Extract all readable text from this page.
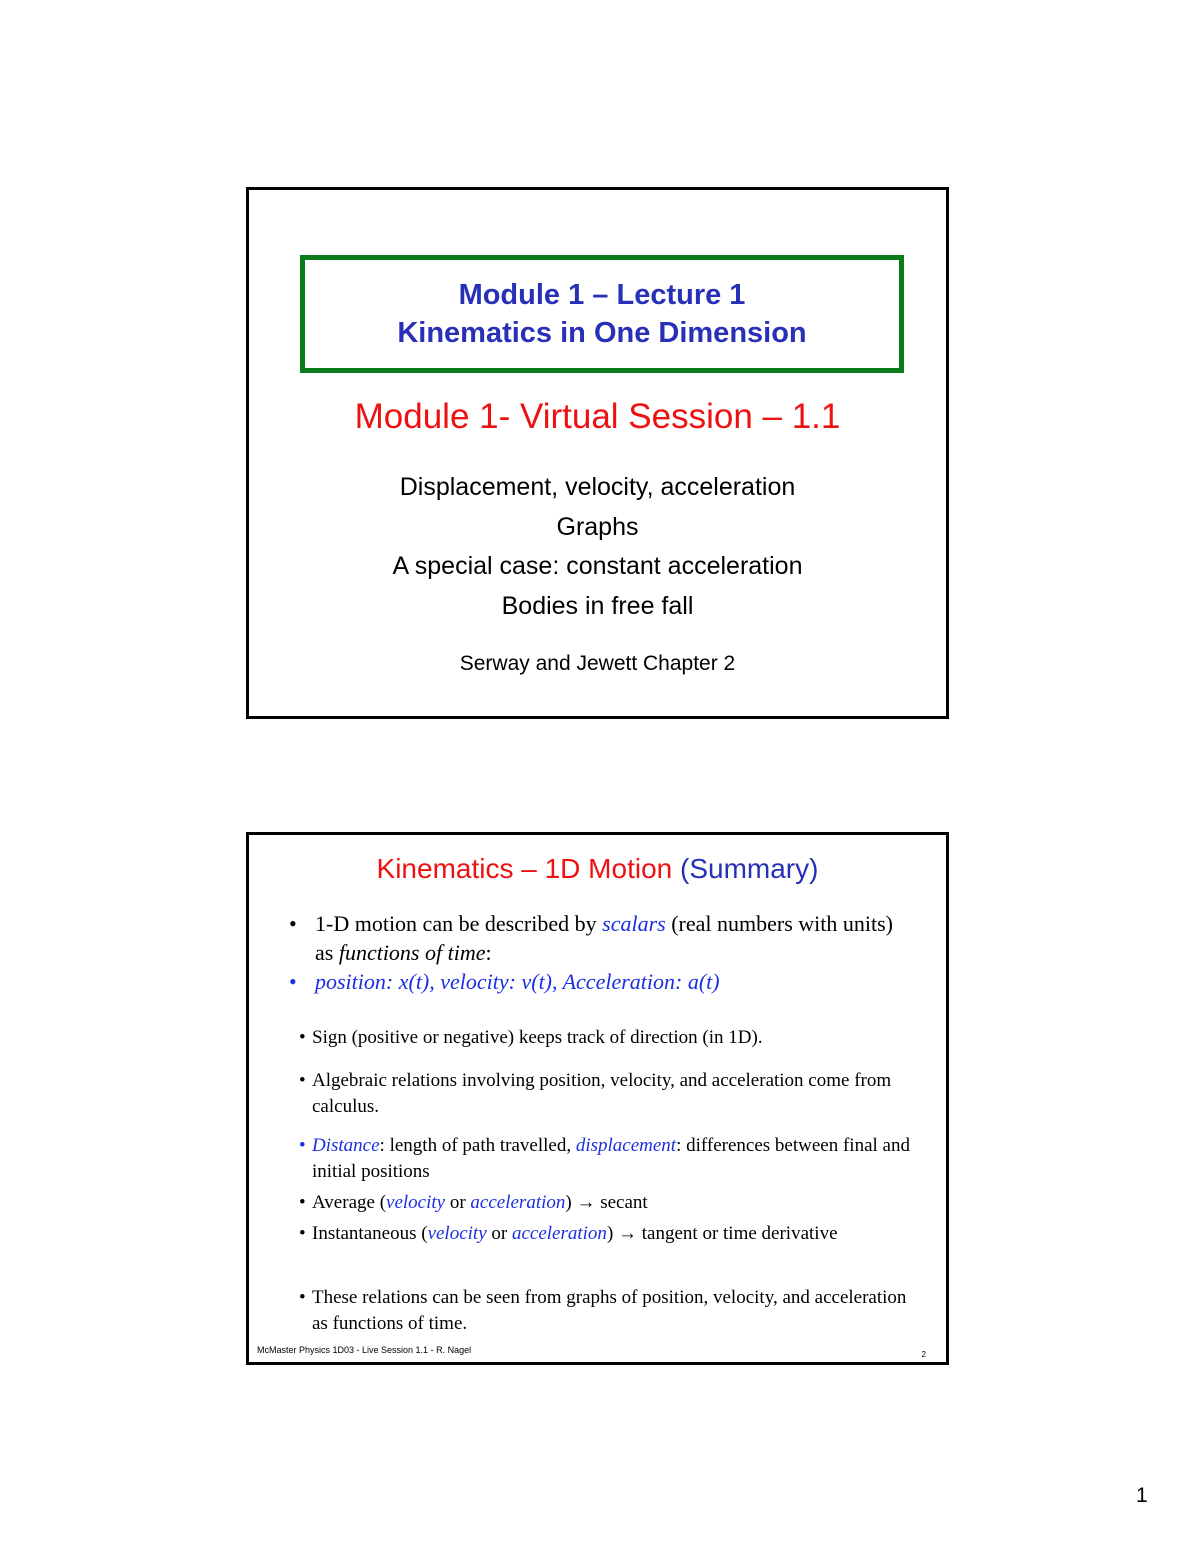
Module 1 – Lecture 1
Kinematics in One Dimension
Module 1- Virtual Session – 1.1
Displacement, velocity, acceleration
Graphs
A special case: constant acceleration
Bodies in free fall
Serway and Jewett Chapter 2
Kinematics – 1D Motion (Summary)
• 1-D motion can be described by scalars (real numbers with units) as functions of time:
• position: x(t), velocity: v(t), Acceleration: a(t)
• Sign (positive or negative) keeps track of direction (in 1D).
• Algebraic relations involving position, velocity, and acceleration come from calculus.
• Distance: length of path travelled, displacement: differences between final and initial positions
• Average (velocity or acceleration) → secant
• Instantaneous (velocity or acceleration) → tangent or time derivative
• These relations can be seen from graphs of position, velocity, and acceleration as functions of time.
McMaster Physics 1D03 - Live Session 1.1 - R. Nagel	2
1
